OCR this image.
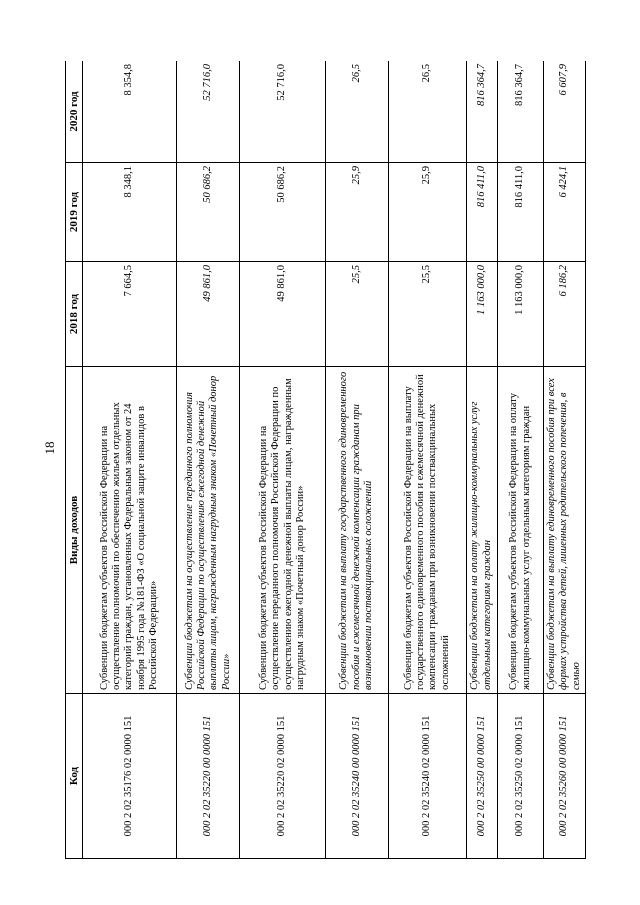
18
Код	Виды доходов	2018 год	2019 год	2020 год
000 2 02 35176 02 0000 151	Субвенции бюджетам субъектов Российской Федерации на осуществление полномочий по обеспечению жильем отдельных категорий граждан, установленных Федеральным законом от 24 ноября 1995 года №181-ФЗ «О социальной защите инвалидов в Российской Федерации»	7 664,5	8 348,1	8 354,8
000 2 02 35220 00 0000 151	Субвенции бюджетам на осуществление переданного полномочия Российской Федерации по осуществлению ежегодной денежной выплаты лицам, награжденным нагрудным знаком «Почетный донор России»	49 861,0	50 686,2	52 716,0
000 2 02 35220 02 0000 151	Субвенции бюджетам субъектов Российской Федерации на осуществление переданного полномочия Российской Федерации по осуществлению ежегодной денежной выплаты лицам, награжденным нагрудным знаком «Почетный донор России»	49 861,0	50 686,2	52 716,0
000 2 02 35240 00 0000 151	Субвенции бюджетам на выплату государственного единовременного пособия и ежемесячной денежной компенсации гражданам при возникновении поствакцинальных осложнений	25,5	25,9	26,5
000 2 02 35240 02 0000 151	Субвенции бюджетам субъектов Российской Федерации на выплату государственного единовременного пособия и ежемесячной денежной компенсации гражданам при возникновении поствакцинальных осложнений	25,5	25,9	26,5
000 2 02 35250 00 0000 151	Субвенции бюджетам на оплату жилищно-коммунальных услуг отдельным категориям граждан	1 163 000,0	816 411,0	816 364,7
000 2 02 35250 02 0000 151	Субвенции бюджетам субъектов Российской Федерации на оплату жилищно-коммунальных услуг отдельным категориям граждан	1 163 000,0	816 411,0	816 364,7
000 2 02 35260 00 0000 151	Субвенции бюджетам на выплату единовременного пособия при всех формах устройства детей, лишенных родительского попечения, в семью	6 186,2	6 424,1	6 607,9
